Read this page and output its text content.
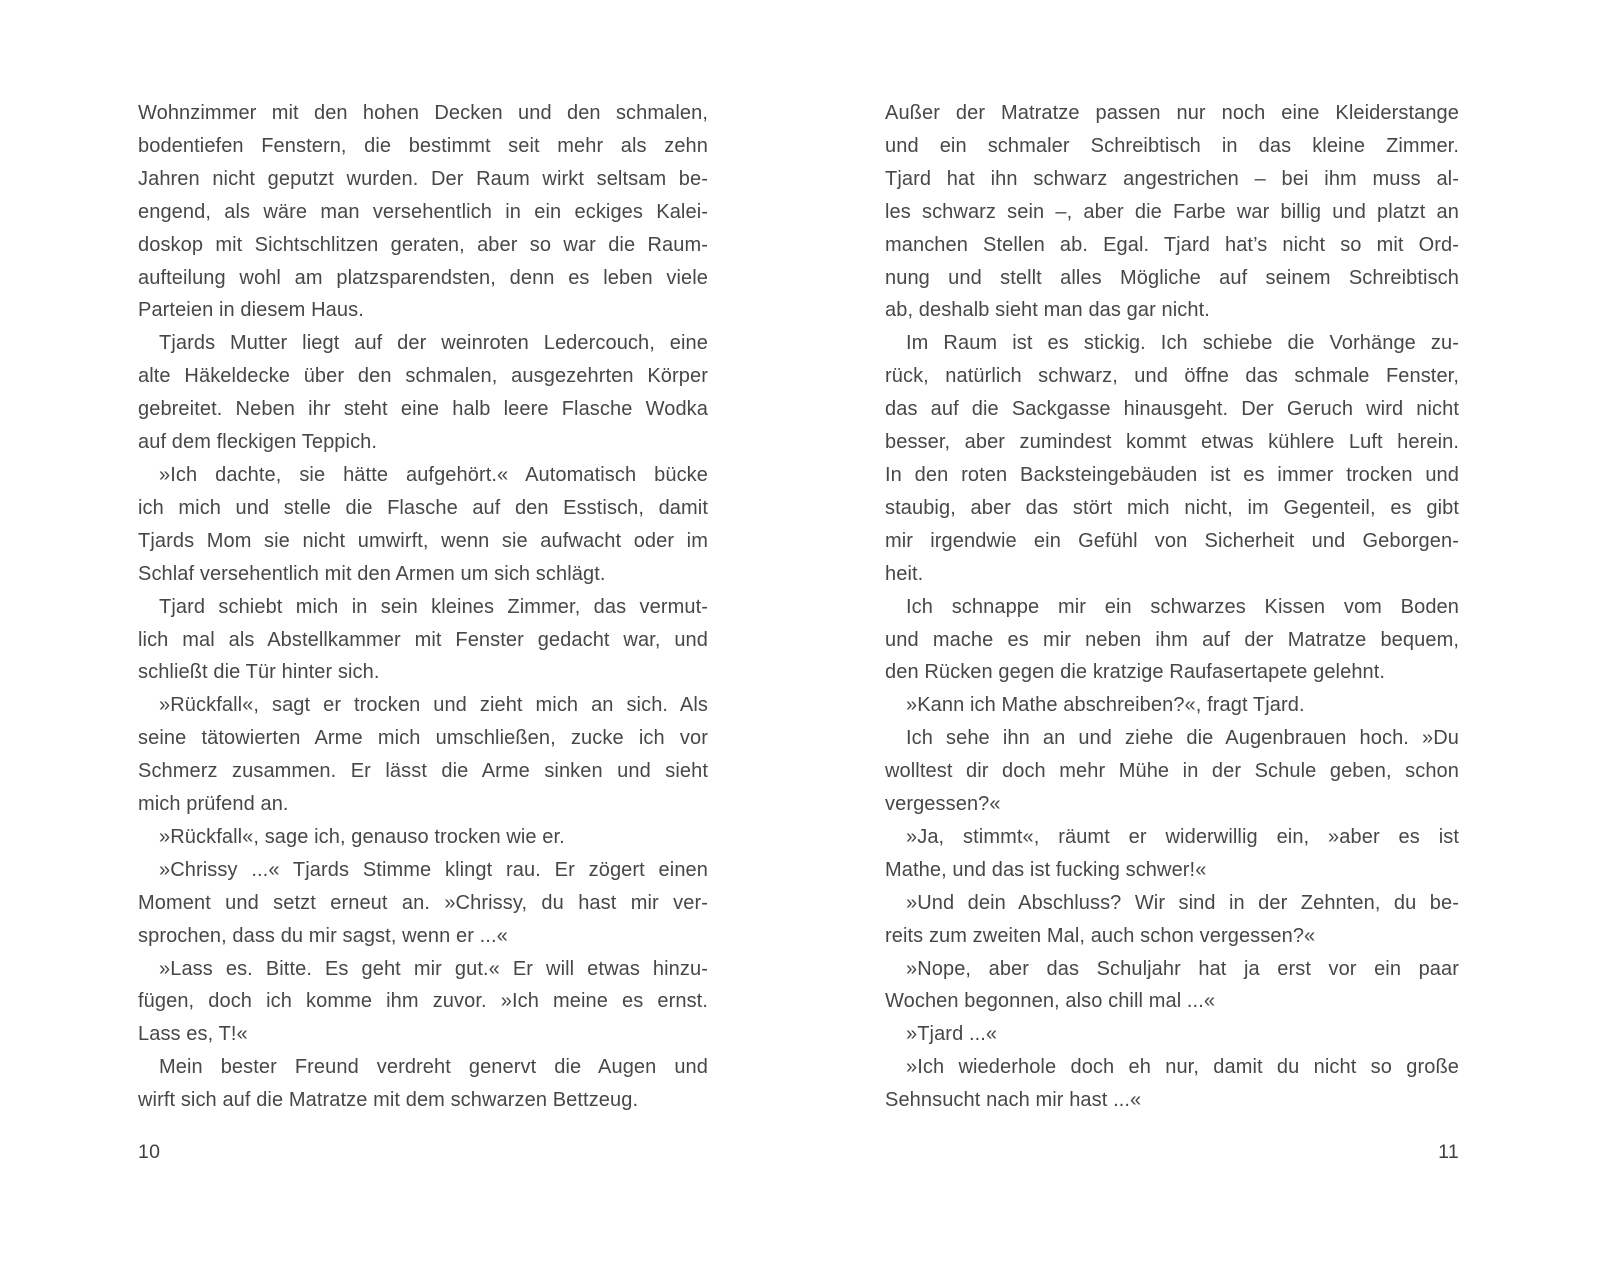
Wohnzimmer mit den hohen Decken und den schmalen,
bodentiefen Fenstern, die bestimmt seit mehr als zehn
Jahren nicht geputzt wurden. Der Raum wirkt seltsam be-
engend, als wäre man versehentlich in ein eckiges Kalei-
doskop mit Sichtschlitzen geraten, aber so war die Raum-
aufteilung wohl am platzsparendsten, denn es leben viele
Parteien in diesem Haus.
Tjards Mutter liegt auf der weinroten Ledercouch, eine
alte Häkeldecke über den schmalen, ausgezehrten Körper
gebreitet. Neben ihr steht eine halb leere Flasche Wodka
auf dem fleckigen Teppich.
»Ich dachte, sie hätte aufgehört.« Automatisch bücke
ich mich und stelle die Flasche auf den Esstisch, damit
Tjards Mom sie nicht umwirft, wenn sie aufwacht oder im
Schlaf versehentlich mit den Armen um sich schlägt.
Tjard schiebt mich in sein kleines Zimmer, das vermut-
lich mal als Abstellkammer mit Fenster gedacht war, und
schließt die Tür hinter sich.
»Rückfall«, sagt er trocken und zieht mich an sich. Als
seine tätowierten Arme mich umschließen, zucke ich vor
Schmerz zusammen. Er lässt die Arme sinken und sieht
mich prüfend an.
»Rückfall«, sage ich, genauso trocken wie er.
»Chrissy ...« Tjards Stimme klingt rau. Er zögert einen
Moment und setzt erneut an. »Chrissy, du hast mir ver-
sprochen, dass du mir sagst, wenn er ...«
»Lass es. Bitte. Es geht mir gut.« Er will etwas hinzu-
fügen, doch ich komme ihm zuvor. »Ich meine es ernst.
Lass es, T!«
Mein bester Freund verdreht genervt die Augen und
wirft sich auf die Matratze mit dem schwarzen Bettzeug.
Außer der Matratze passen nur noch eine Kleiderstange
und ein schmaler Schreibtisch in das kleine Zimmer.
Tjard hat ihn schwarz angestrichen – bei ihm muss al-
les schwarz sein –, aber die Farbe war billig und platzt an
manchen Stellen ab. Egal. Tjard hat’s nicht so mit Ord-
nung und stellt alles Mögliche auf seinem Schreibtisch
ab, deshalb sieht man das gar nicht.
Im Raum ist es stickig. Ich schiebe die Vorhänge zu-
rück, natürlich schwarz, und öffne das schmale Fenster,
das auf die Sackgasse hinausgeht. Der Geruch wird nicht
besser, aber zumindest kommt etwas kühlere Luft herein.
In den roten Backsteingebäuden ist es immer trocken und
staubig, aber das stört mich nicht, im Gegenteil, es gibt
mir irgendwie ein Gefühl von Sicherheit und Geborgen-
heit.
Ich schnappe mir ein schwarzes Kissen vom Boden
und mache es mir neben ihm auf der Matratze bequem,
den Rücken gegen die kratzige Raufasertapete gelehnt.
»Kann ich Mathe abschreiben?«, fragt Tjard.
Ich sehe ihn an und ziehe die Augenbrauen hoch. »Du
wolltest dir doch mehr Mühe in der Schule geben, schon
vergessen?«
»Ja, stimmt«, räumt er widerwillig ein, »aber es ist
Mathe, und das ist fucking schwer!«
»Und dein Abschluss? Wir sind in der Zehnten, du be-
reits zum zweiten Mal, auch schon vergessen?«
»Nope, aber das Schuljahr hat ja erst vor ein paar
Wochen begonnen, also chill mal ...«
»Tjard ...«
»Ich wiederhole doch eh nur, damit du nicht so große
Sehnsucht nach mir hast ...«
10	11
